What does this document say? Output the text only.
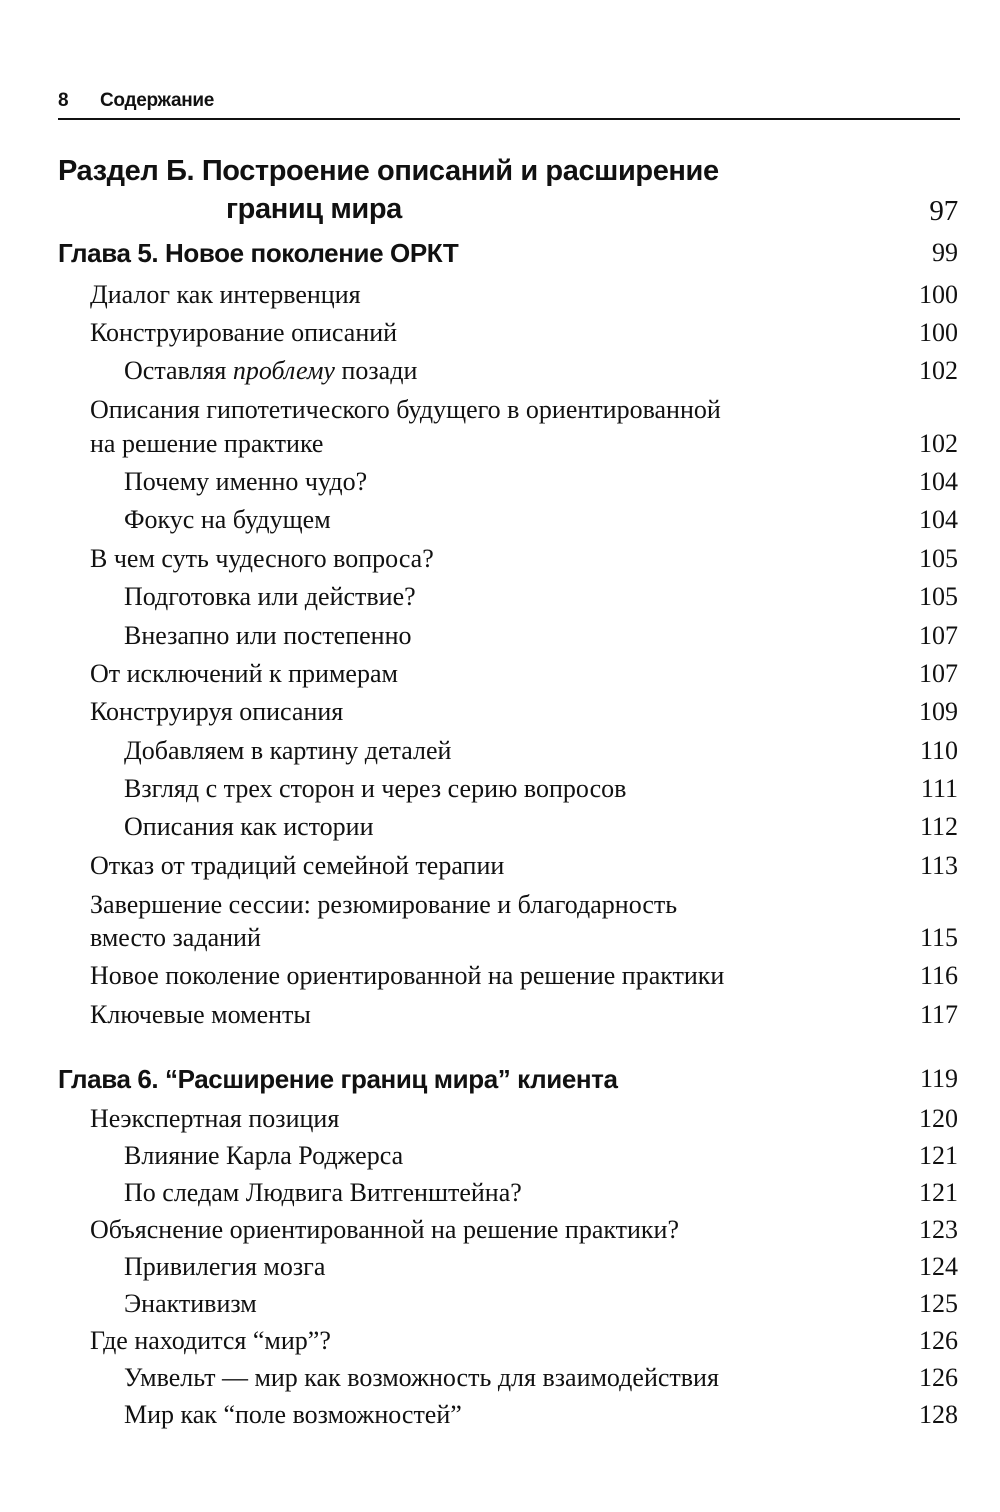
8 Содержание
Раздел Б. Построение описаний и расширение
границ мира	97
Глава 5. Новое поколение ОРКТ	99
Диалог как интервенция	100
Конструирование описаний	100
Оставляя проблему позади	102
Описания гипотетического будущего в ориентированной
на решение практике	102
Почему именно чудо?	104
Фокус на будущем	104
В чем суть чудесного вопроса?	105
Подготовка или действие?	105
Внезапно или постепенно	107
От исключений к примерам	107
Конструируя описания	109
Добавляем в картину деталей	110
Взгляд с трех сторон и через серию вопросов	111
Описания как истории	112
Отказ от традиций семейной терапии	113
Завершение сессии: резюмирование и благодарность
вместо заданий	115
Новое поколение ориентированной на решение практики	116
Ключевые моменты	117
Глава 6. “Расширение границ мира” клиента	119
Неэкспертная позиция	120
Влияние Карла Роджерса	121
По следам Людвига Витгенштейна?	121
Объяснение ориентированной на решение практики?	123
Привилегия мозга	124
Энактивизм	125
Где находится “мир”?	126
Умвельт — мир как возможность для взаимодействия	126
Мир как “поле возможностей”	128
